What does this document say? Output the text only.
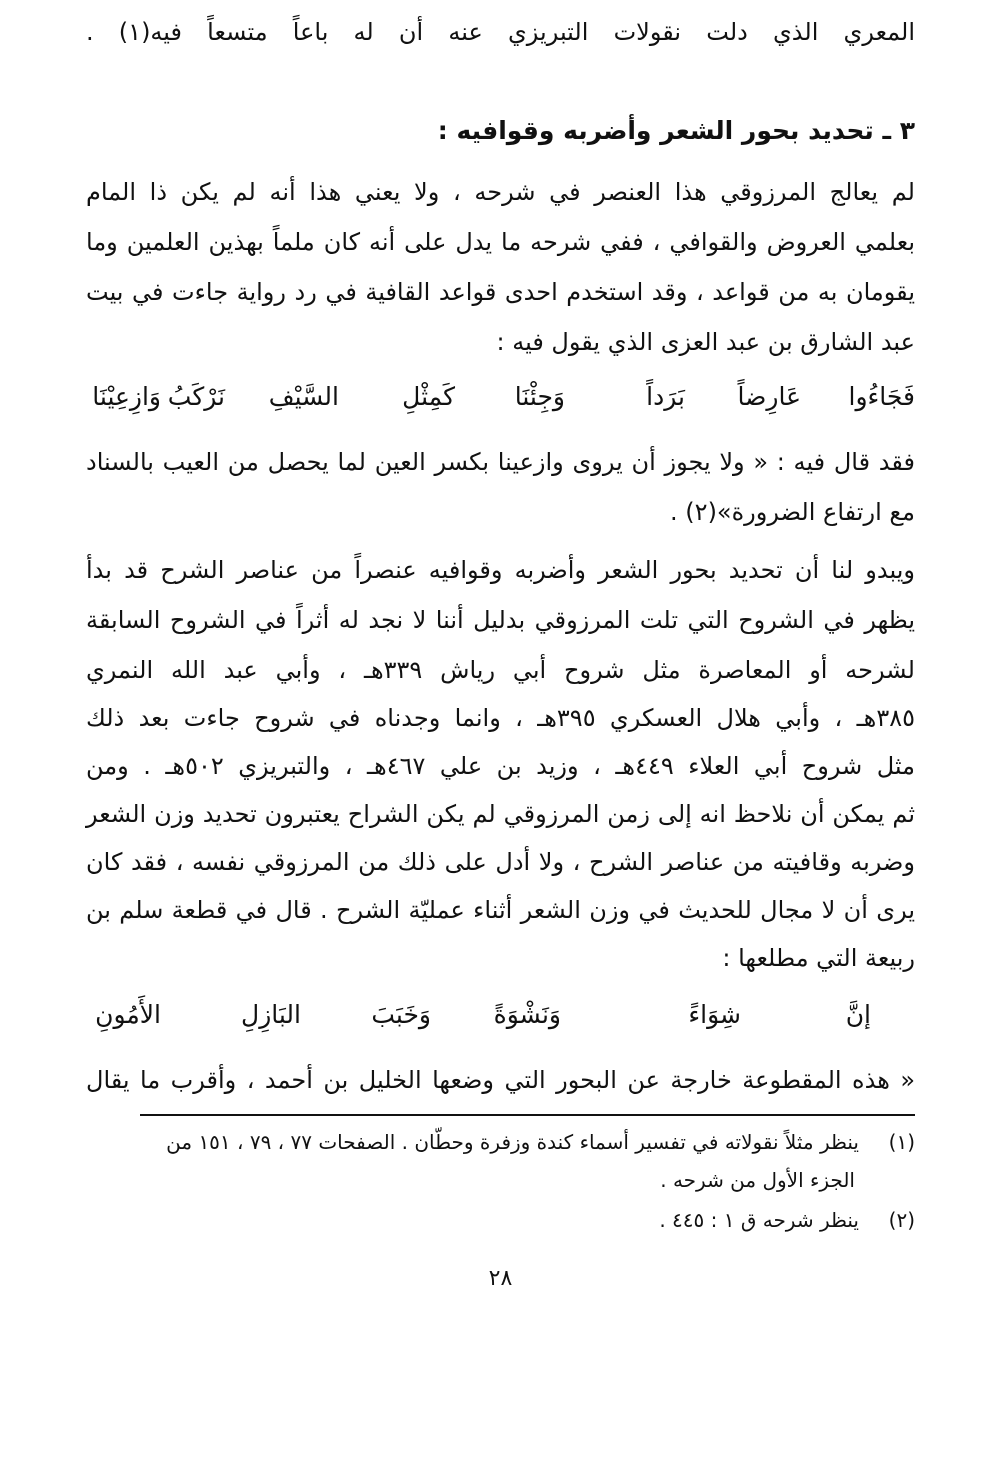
المعري الذي دلت نقولات التبريزي عنه أن له باعاً متسعاً فيه(١) .
٣ ـ تحديد بحور الشعر وأضربه وقوافيه :
لم يعالج المرزوقي هذا العنصر في شرحه ، ولا يعني هذا أنه لم يكن ذا المام
بعلمي العروض والقوافي ، ففي شرحه ما يدل على أنه كان ملماً بهذين العلمين وما
يقومان به من قواعد ، وقد استخدم احدى قواعد القافية في رد رواية جاءت في بيت
عبد الشارق بن عبد العزى الذي يقول فيه :
فَجَاءُوا
عَارِضاً
بَرَداً
وَجِئْنَا
كَمِثْلِ
السَّيْفِ
نَرْكَبُ
وَازِعِيْنَا
فقد قال فيه : « ولا يجوز أن يروى وازعينا بكسر العين لما يحصل من العيب بالسناد
مع ارتفاع الضرورة»(٢) .
ويبدو لنا أن تحديد بحور الشعر وأضربه وقوافيه عنصراً من عناصر الشرح قد بدأ
يظهر في الشروح التي تلت المرزوقي بدليل أننا لا نجد له أثراً في الشروح السابقة
لشرحه أو المعاصرة مثل شروح أبي رياش ٣٣٩هـ ، وأبي عبد الله النمري
٣٨٥هـ ، وأبي هلال العسكري ٣٩٥هـ ، وانما وجدناه في شروح جاءت بعد ذلك
مثل شروح أبي العلاء ٤٤٩هـ ، وزيد بن علي ٤٦٧هـ ، والتبريزي ٥٠٢هـ . ومن
ثم يمكن أن نلاحظ انه إلى زمن المرزوقي لم يكن الشراح يعتبرون تحديد وزن الشعر
وضربه وقافيته من عناصر الشرح ، ولا أدل على ذلك من المرزوقي نفسه ، فقد كان
يرى أن لا مجال للحديث في وزن الشعر أثناء عمليّة الشرح . قال في قطعة سلم بن
ربيعة التي مطلعها :
إنَّ
شِوَاءً
وَنَشْوَةً
وَخَبَبَ
البَازِلِ
الأَمُونِ
« هذه المقطوعة خارجة عن البحور التي وضعها الخليل بن أحمد ، وأقرب ما يقال
(١)ينظر مثلاً نقولاته في تفسير أسماء كندة وزفرة وحطّان . الصفحات ٧٧ ، ٧٩ ، ١٥١ من
الجزء الأول من شرحه .
(٢)ينظر شرحه ق ١ : ٤٤٥ .
٢٨
